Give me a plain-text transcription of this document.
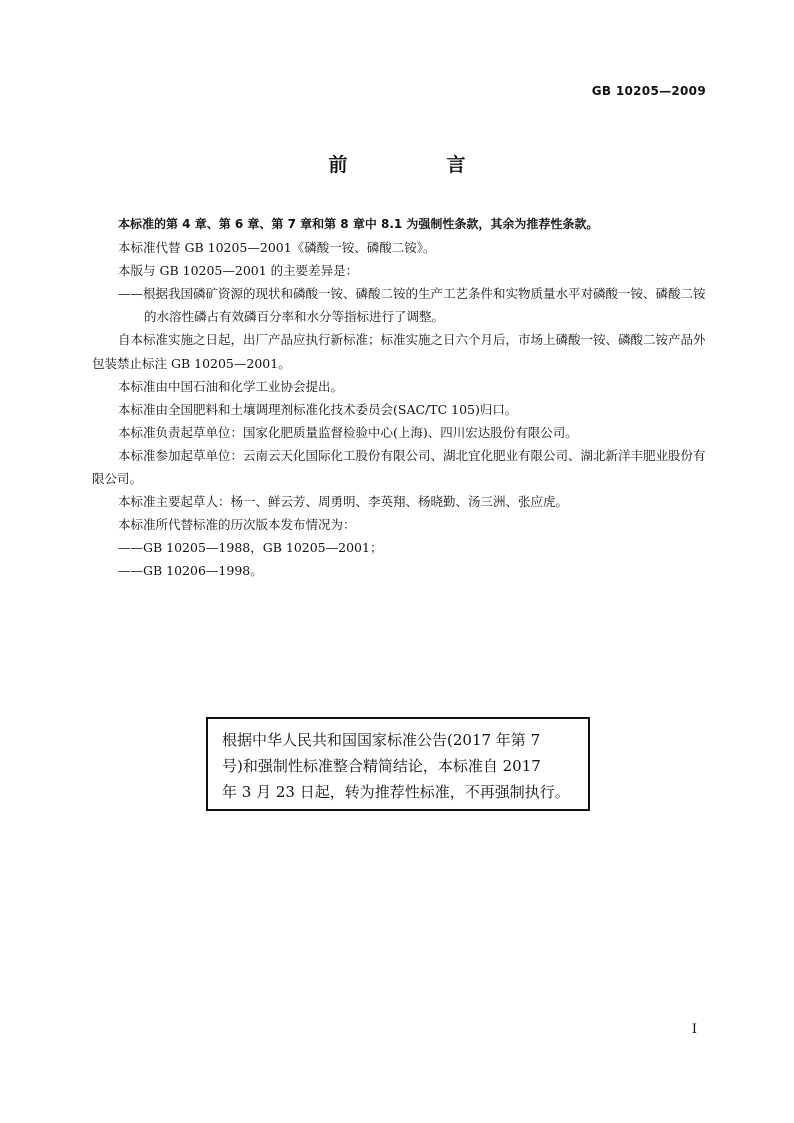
GB 10205—2009
前　言

本标准的第 4 章、第 6 章、第 7 章和第 8 章中 8.1 为强制性条款，其余为推荐性条款。

本标准代替 GB 10205—2001《磷酸一铵、磷酸二铵》。

本版与 GB 10205—2001 的主要差异是：

——根据我国磷矿资源的现状和磷酸一铵、磷酸二铵的生产工艺条件和实物质量水平对磷酸一铵、磷酸二铵的水溶性磷占有效磷百分率和水分等指标进行了调整。

自本标准实施之日起，出厂产品应执行新标准；标准实施之日六个月后，市场上磷酸一铵、磷酸二铵产品外包装禁止标注 GB 10205—2001。

本标准由中国石油和化学工业协会提出。

本标准由全国肥料和土壤调理剂标准化技术委员会(SAC/TC 105)归口。

本标准负责起草单位：国家化肥质量监督检验中心(上海)、四川宏达股份有限公司。

本标准参加起草单位：云南云天化国际化工股份有限公司、湖北宜化肥业有限公司、湖北新洋丰肥业股份有限公司。

本标准主要起草人：杨一、鲜云芳、周勇明、李英翔、杨晓勤、汤三洲、张应虎。

本标准所代替标准的历次版本发布情况为：

——GB 10205—1988，GB 10205—2001；

——GB 10206—1998。

根据中华人民共和国国家标准公告(2017 年第 7
号)和强制性标准整合精简结论，本标准自 2017
年 3 月 23 日起，转为推荐性标准，不再强制执行。
I
